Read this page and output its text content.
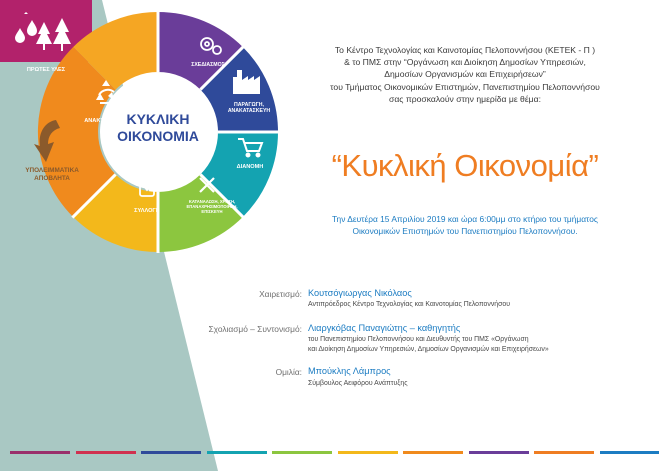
ΠΡΩΤΕΣ ΥΛΕΣ
ΣΧΕΔΙΑΣΜΟΣ
ΠΑΡΑΓΩΓΗ,
ΑΝΑΚΑΤΑΣΚΕΥΗ
ΔΙΑΝΟΜΗ
ΚΑΤΑΝΑΛΩΣΗ, ΧΡΗΣΗ,
ΕΠΑΝΑΧΡΗΣΙΜΟΠΟΙΗΣΗ,
ΕΠΙΣΚΕΥΗ
ΣΥΛΛΟΓΗ
ΑΝΑΚΥΚΛΩΣΗ ΚΥΚΛΙΚΗ
ΟΙΚΟΝΟΜΙΑ
ΥΠΟΛΕΙΜΜΑΤΙΚΑ
ΑΠΟΒΛΗΤΑ
Το Κέντρο Τεχνολογίας και Καινοτομίας Πελοποννήσου (ΚΕΤΕΚ - Π )
& το ΠΜΣ στην “Οργάνωση και Διοίκηση Δημοσίων Υπηρεσιών,
Δημοσίων Οργανισμών και Επιχειρήσεων”
του Τμήματος Οικονομικών Επιστημών, Πανεπιστημίου Πελοποννήσου
σας προσκαλούν στην ημερίδα με θέμα:
“Κυκλική Οικονομία”
Την Δευτέρα 15 Απριλίου 2019 και ώρα 6:00μμ στο κτήριο του τμήματος
Οικονομικών Επιστημών του Πανεπιστημίου Πελοποννήσου.
Χαιρετισμό: Κουτσόγιωργας Νικόλαος
Αντιπρόεδρος Κέντρο Τεχνολογίας και Καινοτομίας Πελοποννήσου
Σχολιασμό – Συντονισμό: Λιαργκόβας Παναγιώτης – καθηγητής
του Πανεπιστημίου Πελοποννήσου και Διευθυντής του ΠΜΣ «Οργάνωση
και Διοίκηση Δημοσίων Υπηρεσιών, Δημοσίων Οργανισμών και Επιχειρήσεων»
Ομιλία: Μπούκλης Λάμπρος
Σύμβουλος Αειφόρου Ανάπτυξης
